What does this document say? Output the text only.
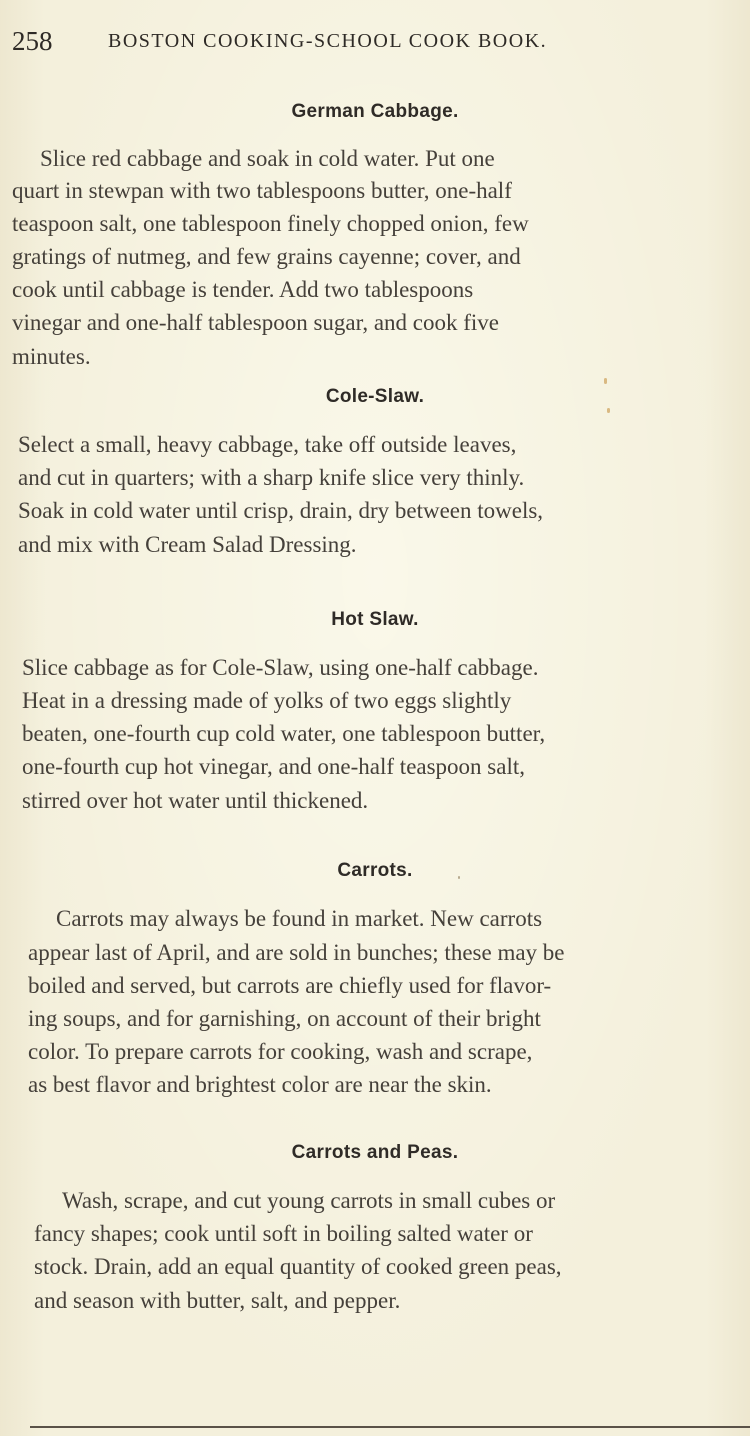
258	BOSTON COOKING-SCHOOL COOK BOOK.
German Cabbage.
Slice red cabbage and soak in cold water. Put one
quart in stewpan with two tablespoons butter, one-half
teaspoon salt, one tablespoon finely chopped onion, few
gratings of nutmeg, and few grains cayenne; cover, and
cook until cabbage is tender. Add two tablespoons
vinegar and one-half tablespoon sugar, and cook five
minutes.
Cole-Slaw.
Select a small, heavy cabbage, take off outside leaves,
and cut in quarters; with a sharp knife slice very thinly.
Soak in cold water until crisp, drain, dry between towels,
and mix with Cream Salad Dressing.
Hot Slaw.
Slice cabbage as for Cole-Slaw, using one-half cabbage.
Heat in a dressing made of yolks of two eggs slightly
beaten, one-fourth cup cold water, one tablespoon butter,
one-fourth cup hot vinegar, and one-half teaspoon salt,
stirred over hot water until thickened.
Carrots.
Carrots may always be found in market. New carrots
appear last of April, and are sold in bunches; these may be
boiled and served, but carrots are chiefly used for flavor-
ing soups, and for garnishing, on account of their bright
color. To prepare carrots for cooking, wash and scrape,
as best flavor and brightest color are near the skin.
Carrots and Peas.
Wash, scrape, and cut young carrots in small cubes or
fancy shapes; cook until soft in boiling salted water or
stock. Drain, add an equal quantity of cooked green peas,
and season with butter, salt, and pepper.
